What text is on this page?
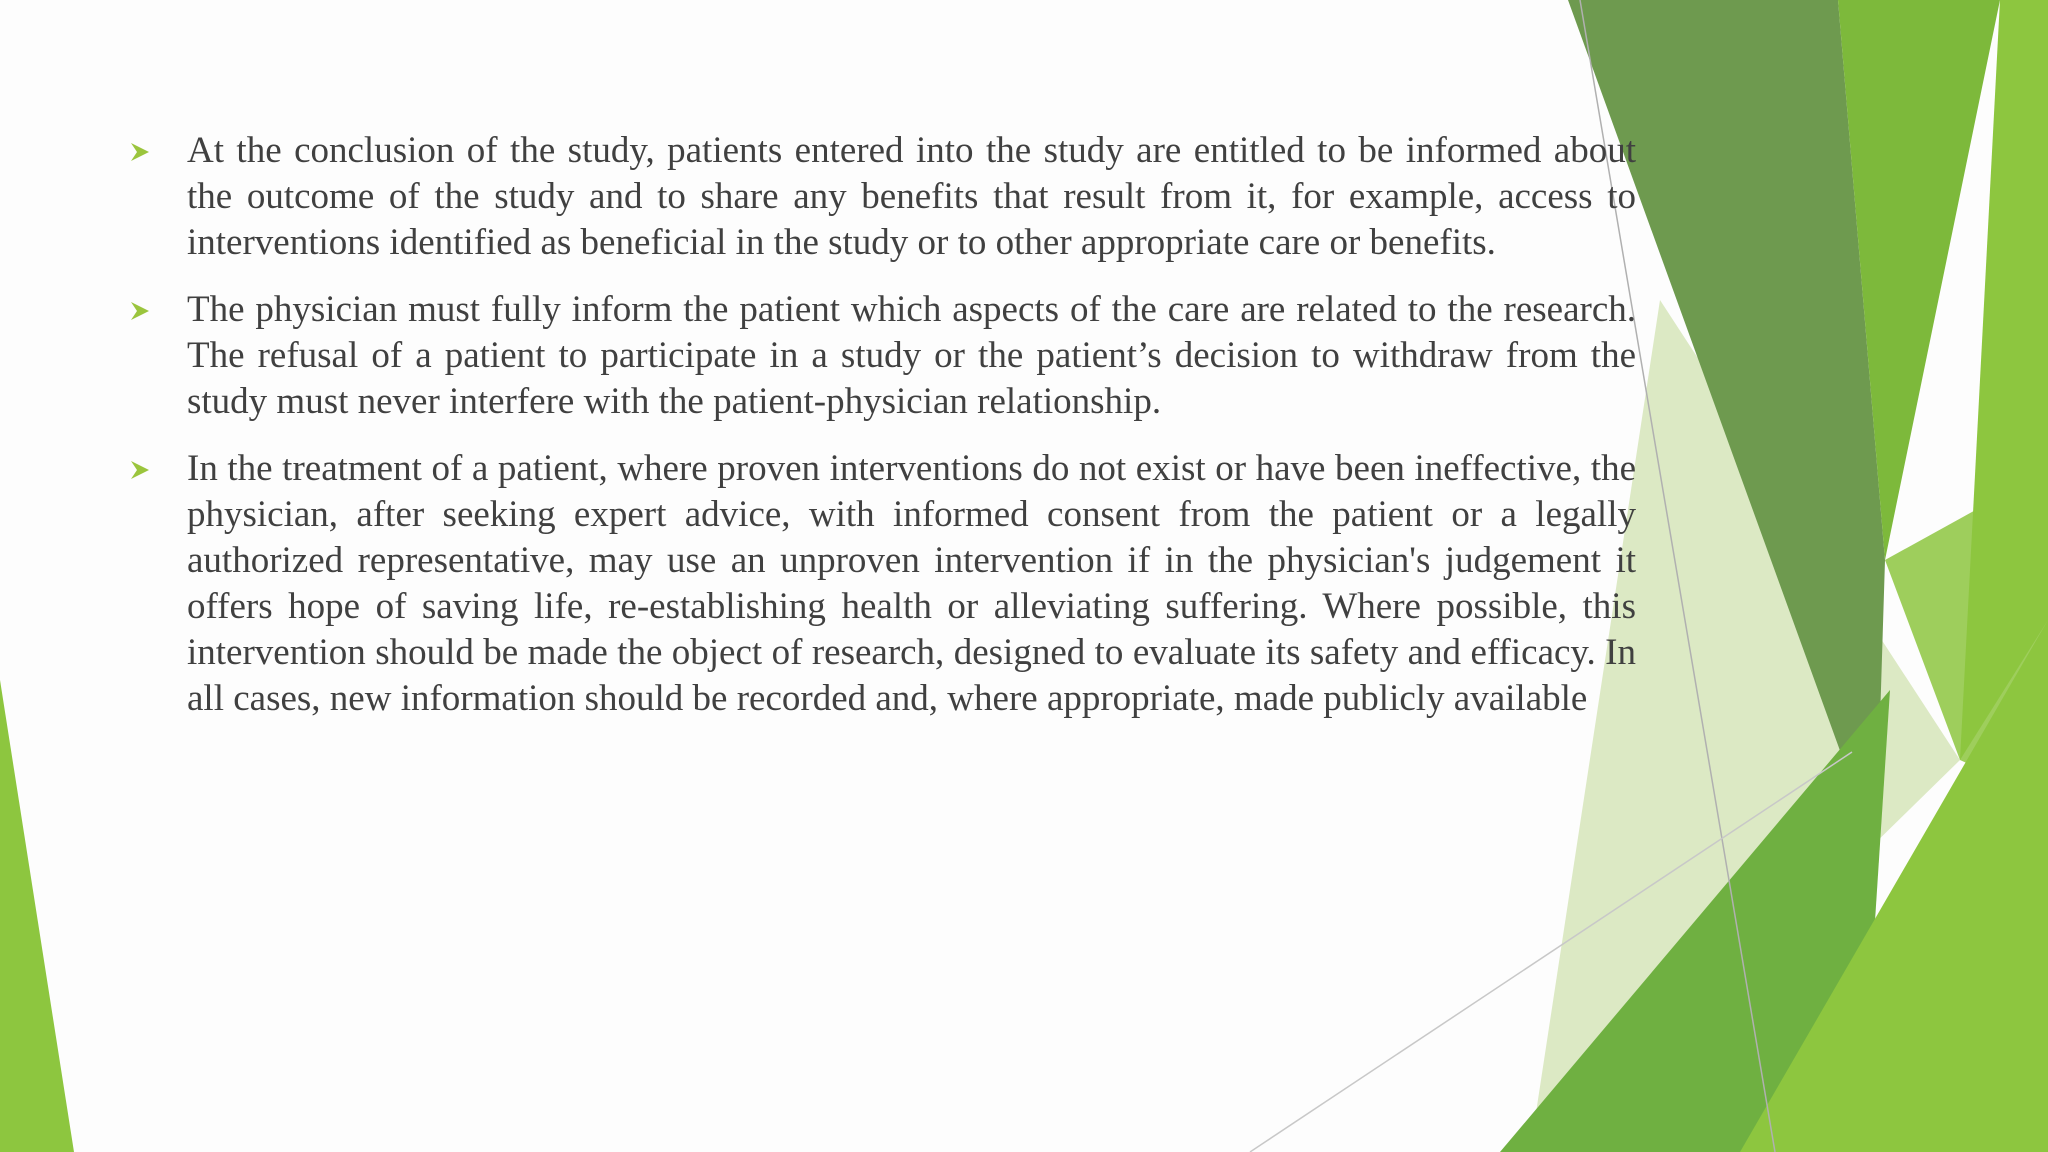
At the conclusion of the study, patients entered into the study are entitled to be informed about the outcome of the study and to share any benefits that result from it, for example, access to interventions identified as beneficial in the study or to other appropriate care or benefits.
The physician must fully inform the patient which aspects of the care are related to the research. The refusal of a patient to participate in a study or the patient’s decision to withdraw from the study must never interfere with the patient-physician relationship.
In the treatment of a patient, where proven interventions do not exist or have been ineffective, the physician, after seeking expert advice, with informed consent from the patient or a legally authorized representative, may use an unproven intervention if in the physician's judgement it offers hope of saving life, re-establishing health or alleviating suffering. Where possible, this intervention should be made the object of research, designed to evaluate its safety and efficacy. In all cases, new information should be recorded and, where appropriate, made publicly available
